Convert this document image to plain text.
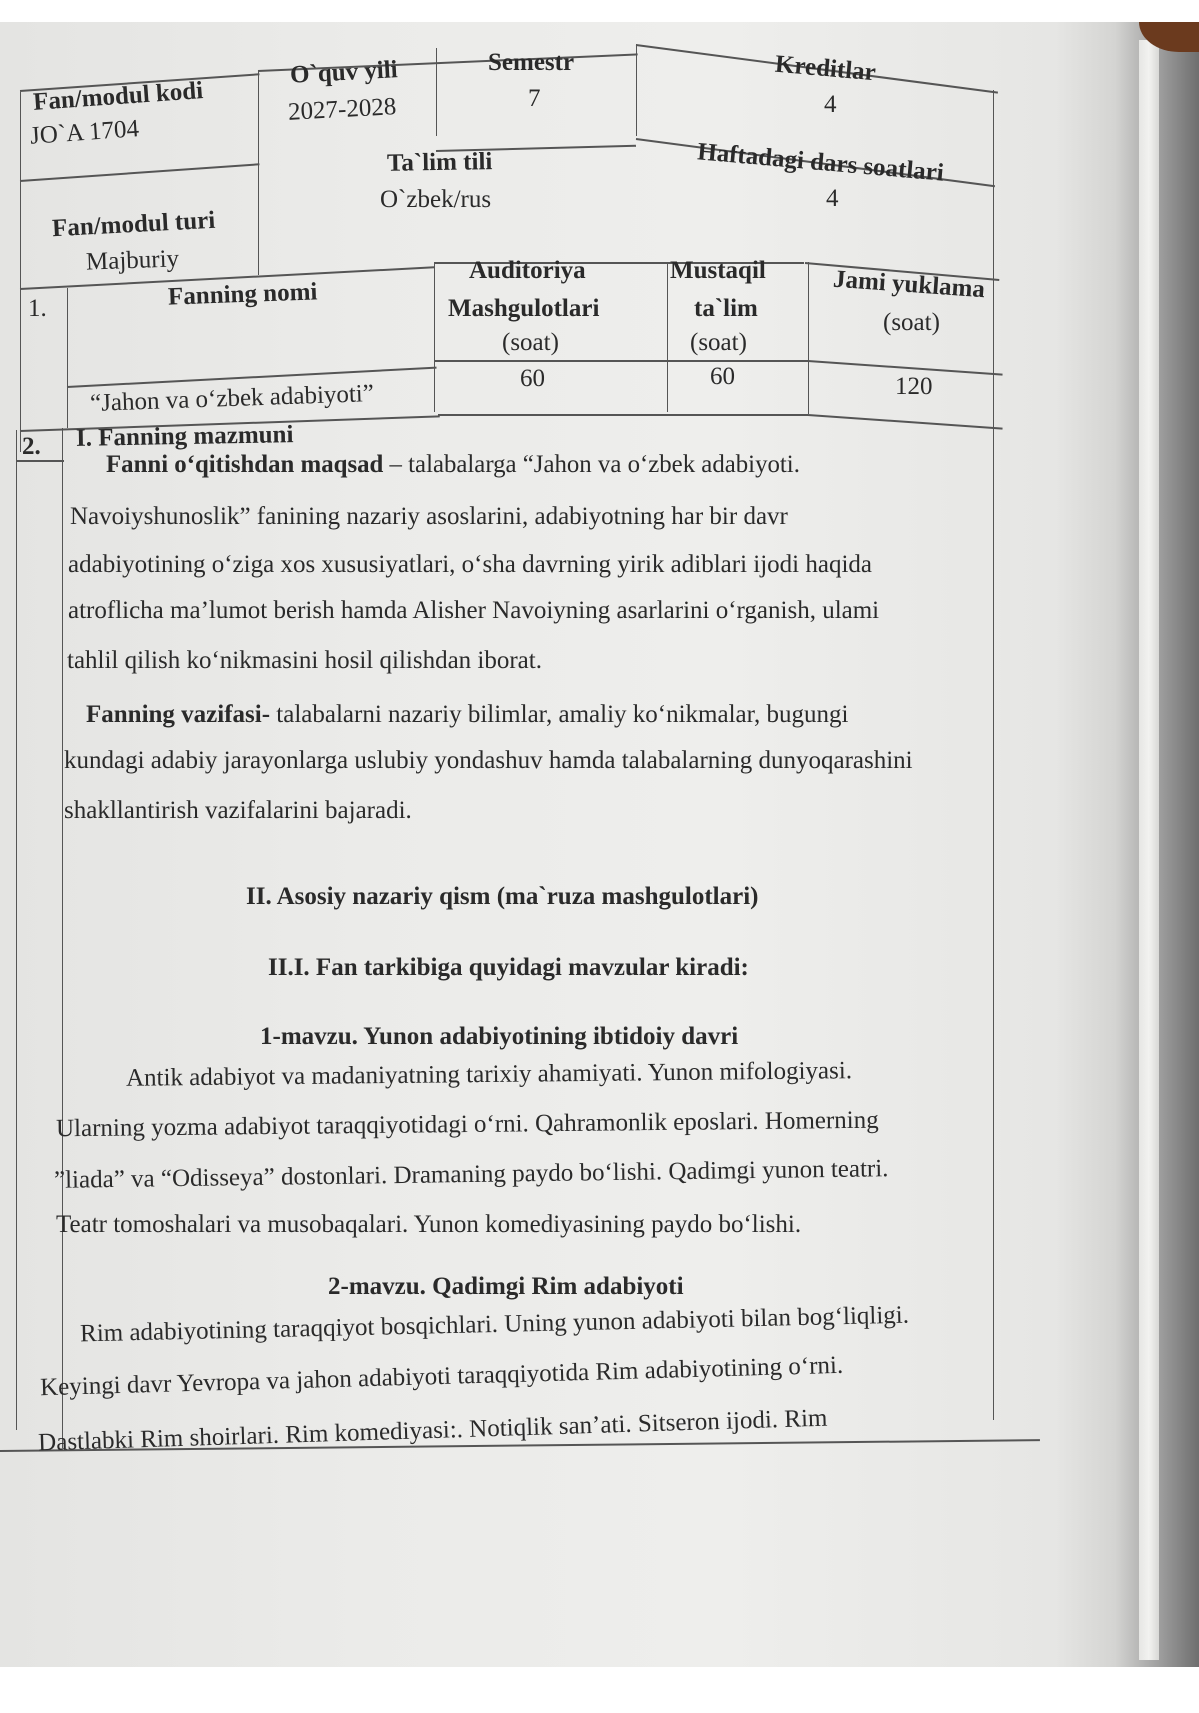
Fan/modul kodi
JO`A 1704
O`quv yili
2027-2028
Semestr
7
Kreditlar
4
Fan/modul turi
Majburiy
Ta`lim tili
O`zbek/rus
Haftadagi dars soatlari
4
1.	Fanning nomi
“Jahon va o‘zbek adabiyoti”
Auditoriya
Mashgulotlari
(soat)
60
Mustaqil
ta`lim
(soat)
60
Jami yuklama
(soat)
120
2. I. Fanning mazmuni
Fanni o‘qitishdan maqsad – talabalarga “Jahon va o‘zbek adabiyoti.
Navoiyshunoslik” fanining nazariy asoslarini, adabiyotning har bir davr
adabiyotining o‘ziga xos xususiyatlari, o‘sha davrning yirik adiblari ijodi haqida
atroflicha ma’lumot berish hamda Alisher Navoiyning asarlarini o‘rganish, ulami
tahlil qilish ko‘nikmasini hosil qilishdan iborat.
Fanning vazifasi- talabalarni nazariy bilimlar, amaliy ko‘nikmalar, bugungi
kundagi adabiy jarayonlarga uslubiy yondashuv hamda talabalarning dunyoqarashini
shakllantirish vazifalarini bajaradi.
II. Asosiy nazariy qism (ma`ruza mashgulotlari)
II.I. Fan tarkibiga quyidagi mavzular kiradi:
1-mavzu. Yunon adabiyotining ibtidoiy davri
Antik adabiyot va madaniyatning tarixiy ahamiyati. Yunon mifologiyasi.
Ularning yozma adabiyot taraqqiyotidagi o‘rni. Qahramonlik eposlari. Homerning
”liada” va “Odisseya” dostonlari. Dramaning paydo bo‘lishi. Qadimgi yunon teatri.
Teatr tomoshalari va musobaqalari. Yunon komediyasining paydo bo‘lishi.
2-mavzu. Qadimgi Rim adabiyoti
Rim adabiyotining taraqqiyot bosqichlari. Uning yunon adabiyoti bilan bog‘liqligi.
Keyingi davr Yevropa va jahon adabiyoti taraqqiyotida Rim adabiyotining o‘rni.
Dastlabki Rim shoirlari. Rim komediyasi:. Notiqlik san’ati. Sitseron ijodi. Rim
